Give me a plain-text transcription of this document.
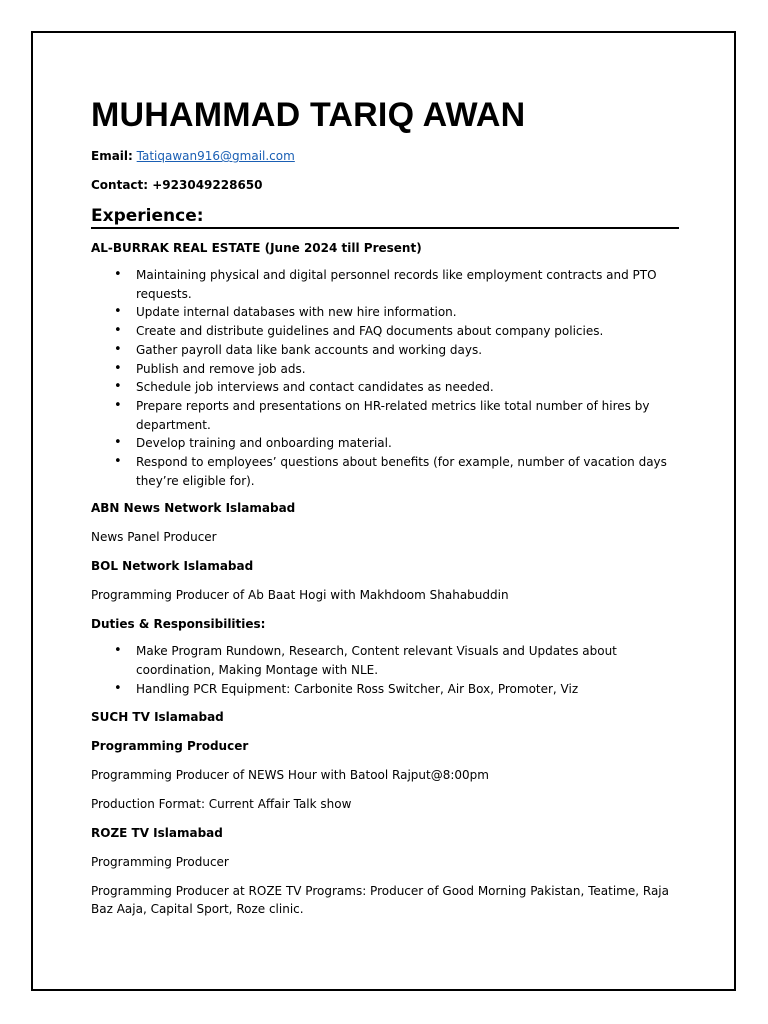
MUHAMMAD TARIQ AWAN
Email: Tatiqawan916@gmail.com
Contact: +923049228650
Experience:
AL-BURRAK REAL ESTATE (June 2024 till Present)
• Maintaining physical and digital personnel records like employment contracts and PTO requests.
• Update internal databases with new hire information.
• Create and distribute guidelines and FAQ documents about company policies.
• Gather payroll data like bank accounts and working days.
• Publish and remove job ads.
• Schedule job interviews and contact candidates as needed.
• Prepare reports and presentations on HR-related metrics like total number of hires by department.
• Develop training and onboarding material.
• Respond to employees’ questions about benefits (for example, number of vacation days they’re eligible for).
ABN News Network Islamabad
News Panel Producer
BOL Network Islamabad
Programming Producer of Ab Baat Hogi with Makhdoom Shahabuddin
Duties & Responsibilities:
• Make Program Rundown, Research, Content relevant Visuals and Updates about coordination, Making Montage with NLE.
• Handling PCR Equipment: Carbonite Ross Switcher, Air Box, Promoter, Viz
SUCH TV Islamabad
Programming Producer
Programming Producer of NEWS Hour with Batool Rajput@8:00pm
Production Format: Current Affair Talk show
ROZE TV Islamabad
Programming Producer
Programming Producer at ROZE TV Programs: Producer of Good Morning Pakistan, Teatime, Raja Baz Aaja, Capital Sport, Roze clinic.
